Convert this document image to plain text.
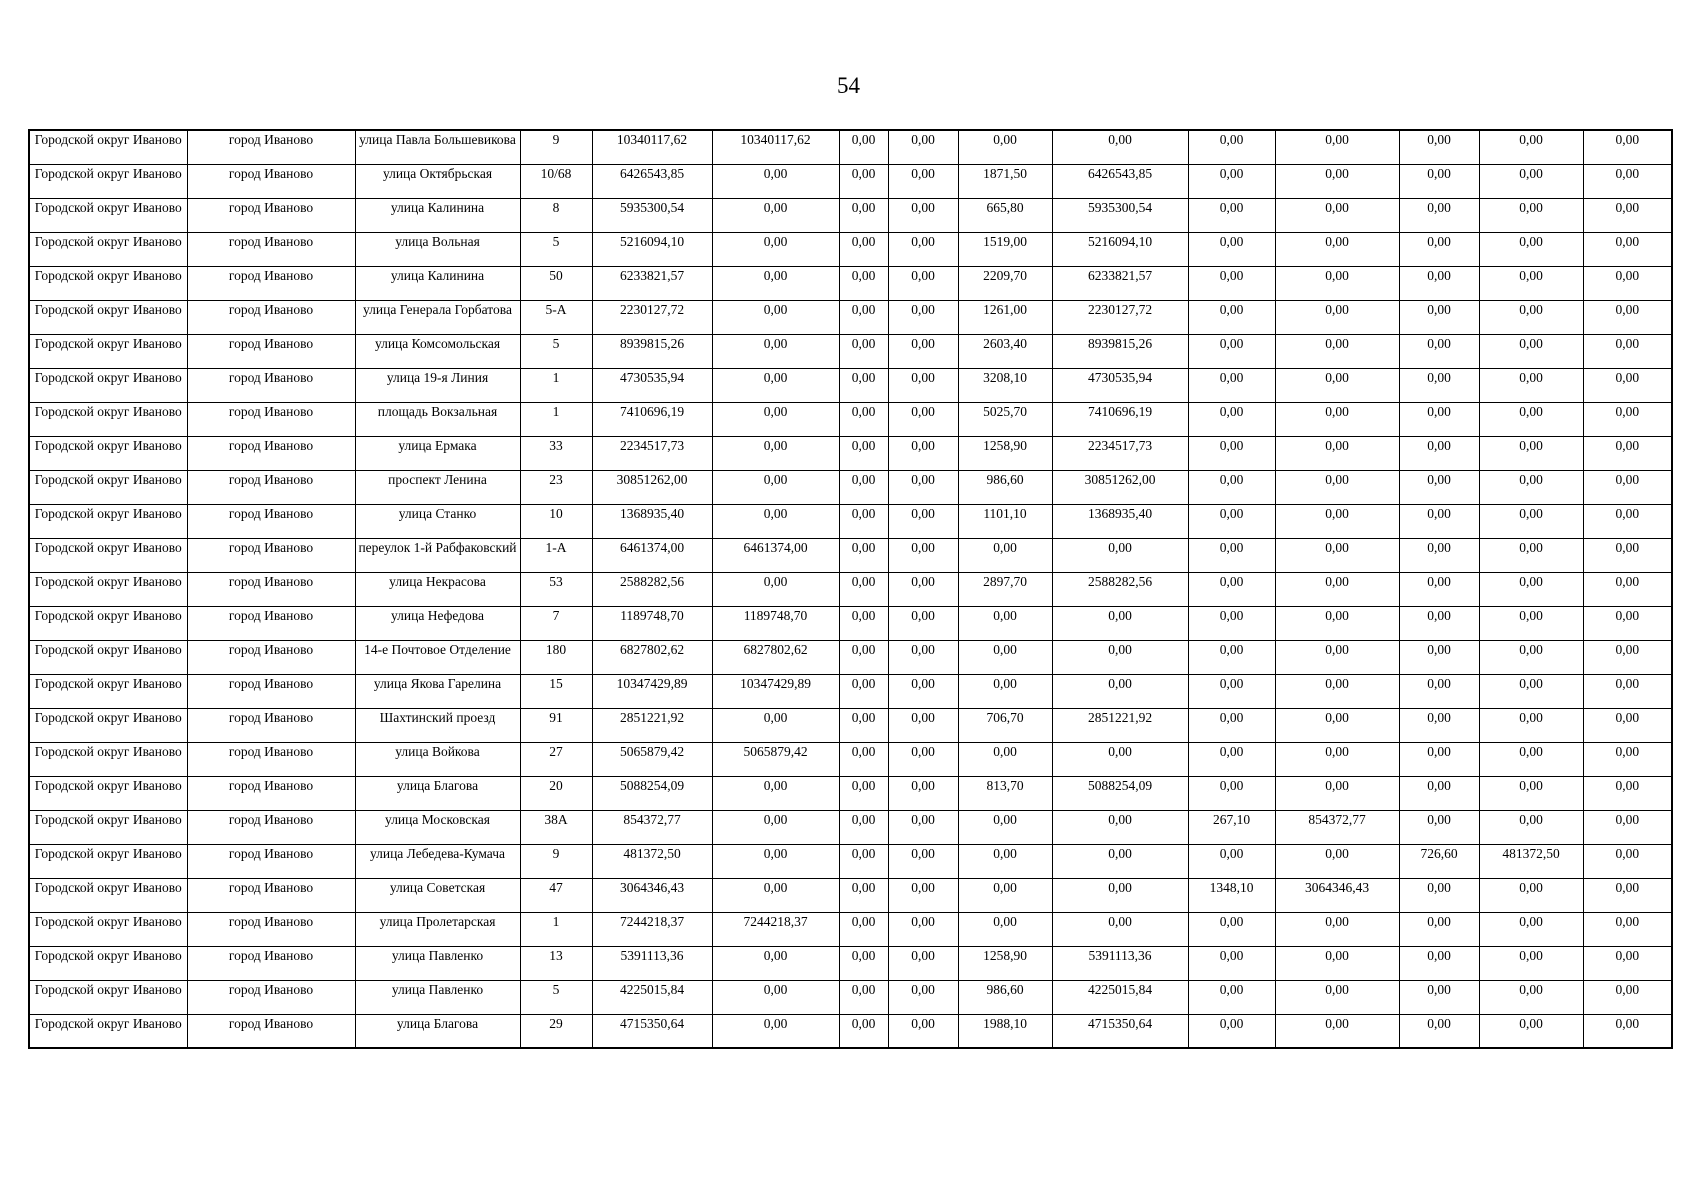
54
Городской округ Иваново	город Иваново	улица Павла Большевикова	9	10340117,62	10340117,62	0,00	0,00	0,00	0,00	0,00	0,00	0,00	0,00	0,00
Городской округ Иваново	город Иваново	улица Октябрьская	10/68	6426543,85	0,00	0,00	0,00	1871,50	6426543,85	0,00	0,00	0,00	0,00	0,00
Городской округ Иваново	город Иваново	улица Калинина	8	5935300,54	0,00	0,00	0,00	665,80	5935300,54	0,00	0,00	0,00	0,00	0,00
Городской округ Иваново	город Иваново	улица Вольная	5	5216094,10	0,00	0,00	0,00	1519,00	5216094,10	0,00	0,00	0,00	0,00	0,00
Городской округ Иваново	город Иваново	улица Калинина	50	6233821,57	0,00	0,00	0,00	2209,70	6233821,57	0,00	0,00	0,00	0,00	0,00
Городской округ Иваново	город Иваново	улица Генерала Горбатова	5-А	2230127,72	0,00	0,00	0,00	1261,00	2230127,72	0,00	0,00	0,00	0,00	0,00
Городской округ Иваново	город Иваново	улица Комсомольская	5	8939815,26	0,00	0,00	0,00	2603,40	8939815,26	0,00	0,00	0,00	0,00	0,00
Городской округ Иваново	город Иваново	улица 19-я Линия	1	4730535,94	0,00	0,00	0,00	3208,10	4730535,94	0,00	0,00	0,00	0,00	0,00
Городской округ Иваново	город Иваново	площадь Вокзальная	1	7410696,19	0,00	0,00	0,00	5025,70	7410696,19	0,00	0,00	0,00	0,00	0,00
Городской округ Иваново	город Иваново	улица Ермака	33	2234517,73	0,00	0,00	0,00	1258,90	2234517,73	0,00	0,00	0,00	0,00	0,00
Городской округ Иваново	город Иваново	проспект Ленина	23	30851262,00	0,00	0,00	0,00	986,60	30851262,00	0,00	0,00	0,00	0,00	0,00
Городской округ Иваново	город Иваново	улица Станко	10	1368935,40	0,00	0,00	0,00	1101,10	1368935,40	0,00	0,00	0,00	0,00	0,00
Городской округ Иваново	город Иваново	переулок 1-й Рабфаковский	1-А	6461374,00	6461374,00	0,00	0,00	0,00	0,00	0,00	0,00	0,00	0,00	0,00
Городской округ Иваново	город Иваново	улица Некрасова	53	2588282,56	0,00	0,00	0,00	2897,70	2588282,56	0,00	0,00	0,00	0,00	0,00
Городской округ Иваново	город Иваново	улица Нефедова	7	1189748,70	1189748,70	0,00	0,00	0,00	0,00	0,00	0,00	0,00	0,00	0,00
Городской округ Иваново	город Иваново	14-е Почтовое Отделение	180	6827802,62	6827802,62	0,00	0,00	0,00	0,00	0,00	0,00	0,00	0,00	0,00
Городской округ Иваново	город Иваново	улица Якова Гарелина	15	10347429,89	10347429,89	0,00	0,00	0,00	0,00	0,00	0,00	0,00	0,00	0,00
Городской округ Иваново	город Иваново	Шахтинский проезд	91	2851221,92	0,00	0,00	0,00	706,70	2851221,92	0,00	0,00	0,00	0,00	0,00
Городской округ Иваново	город Иваново	улица Войкова	27	5065879,42	5065879,42	0,00	0,00	0,00	0,00	0,00	0,00	0,00	0,00	0,00
Городской округ Иваново	город Иваново	улица Благова	20	5088254,09	0,00	0,00	0,00	813,70	5088254,09	0,00	0,00	0,00	0,00	0,00
Городской округ Иваново	город Иваново	улица Московская	38А	854372,77	0,00	0,00	0,00	0,00	0,00	267,10	854372,77	0,00	0,00	0,00
Городской округ Иваново	город Иваново	улица Лебедева-Кумача	9	481372,50	0,00	0,00	0,00	0,00	0,00	0,00	0,00	726,60	481372,50	0,00
Городской округ Иваново	город Иваново	улица Советская	47	3064346,43	0,00	0,00	0,00	0,00	0,00	1348,10	3064346,43	0,00	0,00	0,00
Городской округ Иваново	город Иваново	улица Пролетарская	1	7244218,37	7244218,37	0,00	0,00	0,00	0,00	0,00	0,00	0,00	0,00	0,00
Городской округ Иваново	город Иваново	улица Павленко	13	5391113,36	0,00	0,00	0,00	1258,90	5391113,36	0,00	0,00	0,00	0,00	0,00
Городской округ Иваново	город Иваново	улица Павленко	5	4225015,84	0,00	0,00	0,00	986,60	4225015,84	0,00	0,00	0,00	0,00	0,00
Городской округ Иваново	город Иваново	улица Благова	29	4715350,64	0,00	0,00	0,00	1988,10	4715350,64	0,00	0,00	0,00	0,00	0,00
